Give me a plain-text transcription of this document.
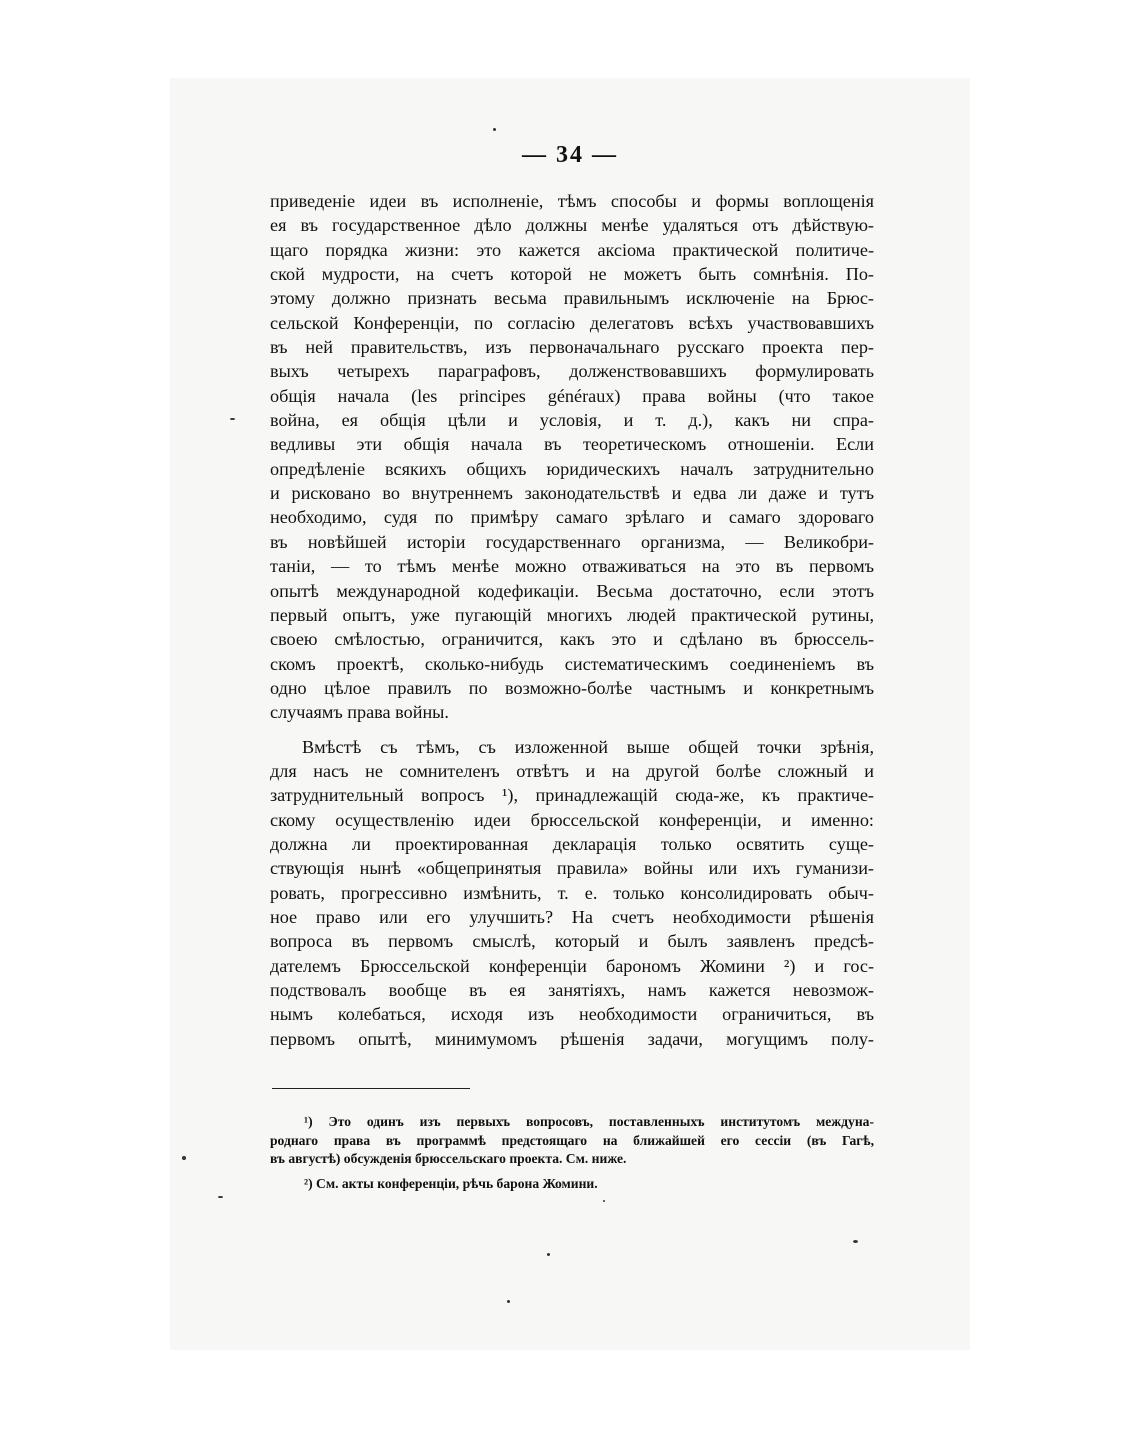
— 34 —
приведеніе идеи въ исполненіе, тѣмъ способы и формы воплощенія
ея въ государственное дѣло должны менѣе удаляться отъ дѣйствую-
щаго порядка жизни: это кажется аксіома практической политиче-
ской мудрости, на счетъ которой не можетъ быть сомнѣнія. По-
этому должно признать весьма правильнымъ исключеніе на Брюс-
сельской Конференціи, по согласію делегатовъ всѣхъ участвовавшихъ
въ ней правительствъ, изъ первоначальнаго русскаго проекта пер-
выхъ четырехъ параграфовъ, долженствовавшихъ формулировать
общія начала (les principes généraux) права войны (что такое
война, ея общія цѣли и условія, и т. д.), какъ ни спра-
ведливы эти общія начала въ теоретическомъ отношеніи. Если
опредѣленіе всякихъ общихъ юридическихъ началъ затруднительно
и рисковано во внутреннемъ законодательствѣ и едва ли даже и тутъ
необходимо, судя по примѣру самаго зрѣлаго и самаго здороваго
въ новѣйшей исторіи государственнаго организма, — Великобри-
таніи, — то тѣмъ менѣе можно отваживаться на это въ первомъ
опытѣ международной кодефикаціи. Весьма достаточно, если этотъ
первый опытъ, уже пугающій многихъ людей практической рутины,
своею смѣлостью, ограничится, какъ это и сдѣлано въ брюссель-
скомъ проектѣ, сколько-нибудь систематическимъ соединеніемъ въ
одно цѣлое правилъ по возможно-болѣе частнымъ и конкретнымъ
случаямъ права войны.
Вмѣстѣ съ тѣмъ, съ изложенной выше общей точки зрѣнія,
для насъ не сомнителенъ отвѣтъ и на другой болѣе сложный и
затруднительный вопросъ ¹), принадлежащій сюда-же, къ практиче-
скому осуществленію идеи брюссельской конференціи, и именно:
должна ли проектированная декларація только освятить суще-
ствующія нынѣ «общепринятыя правила» войны или ихъ гуманизи-
ровать, прогрессивно измѣнить, т. е. только консолидировать обыч-
ное право или его улучшить? На счетъ необходимости рѣшенія
вопроса въ первомъ смыслѣ, который и былъ заявленъ предсѣ-
дателемъ Брюссельской конференціи барономъ Жомини ²) и гос-
подствовалъ вообще въ ея занятіяхъ, намъ кажется невозмож-
нымъ колебаться, исходя изъ необходимости ограничиться, въ
первомъ опытѣ, минимумомъ рѣшенія задачи, могущимъ полу-
¹) Это одинъ изъ первыхъ вопросовъ, поставленныхъ институтомъ междуна-
роднаго права въ программѣ предстоящаго на ближайшей его сессіи (въ Гагѣ,
въ августѣ) обсужденія брюссельскаго проекта. См. ниже.
²) См. акты конференціи, рѣчь барона Жомини.
